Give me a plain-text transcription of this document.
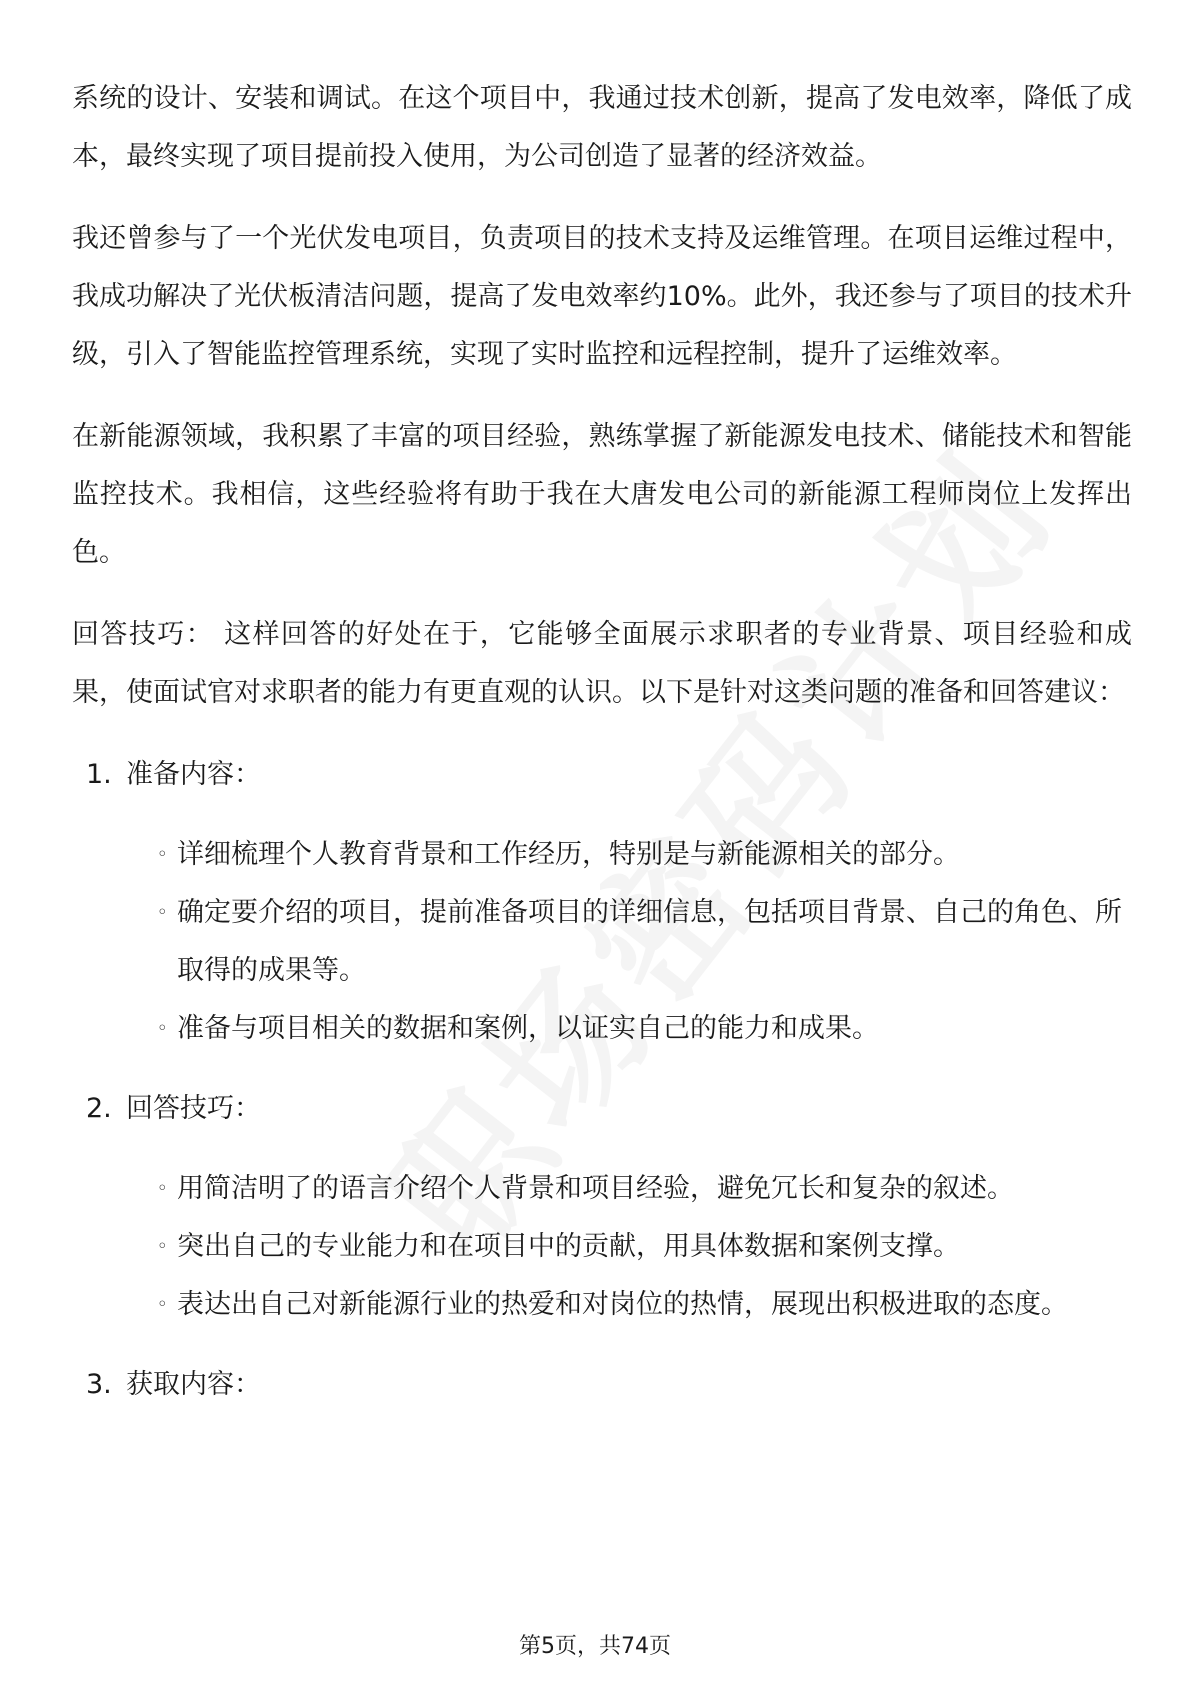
系统的设计、安装和调试。在这个项目中，我通过技术创新，提高了发电效率，降低了成本，最终实现了项目提前投入使用，为公司创造了显著的经济效益。

我还曾参与了一个光伏发电项目，负责项目的技术支持及运维管理。在项目运维过程中，我成功解决了光伏板清洁问题，提高了发电效率约10%。此外，我还参与了项目的技术升级，引入了智能监控管理系统，实现了实时监控和远程控制，提升了运维效率。

在新能源领域，我积累了丰富的项目经验，熟练掌握了新能源发电技术、储能技术和智能监控技术。我相信，这些经验将有助于我在大唐发电公司的新能源工程师岗位上发挥出色。

回答技巧： 这样回答的好处在于，它能够全面展示求职者的专业背景、项目经验和成果，使面试官对求职者的能力有更直观的认识。以下是针对这类问题的准备和回答建议：

1. 准备内容：
◦ 详细梳理个人教育背景和工作经历，特别是与新能源相关的部分。
◦ 确定要介绍的项目，提前准备项目的详细信息，包括项目背景、自己的角色、所取得的成果等。
◦ 准备与项目相关的数据和案例，以证实自己的能力和成果。
2. 回答技巧：
◦ 用简洁明了的语言介绍个人背景和项目经验，避免冗长和复杂的叙述。
◦ 突出自己的专业能力和在项目中的贡献，用具体数据和案例支撑。
◦ 表达出自己对新能源行业的热爱和对岗位的热情，展现出积极进取的态度。
3. 获取内容：
第5页，共74页
